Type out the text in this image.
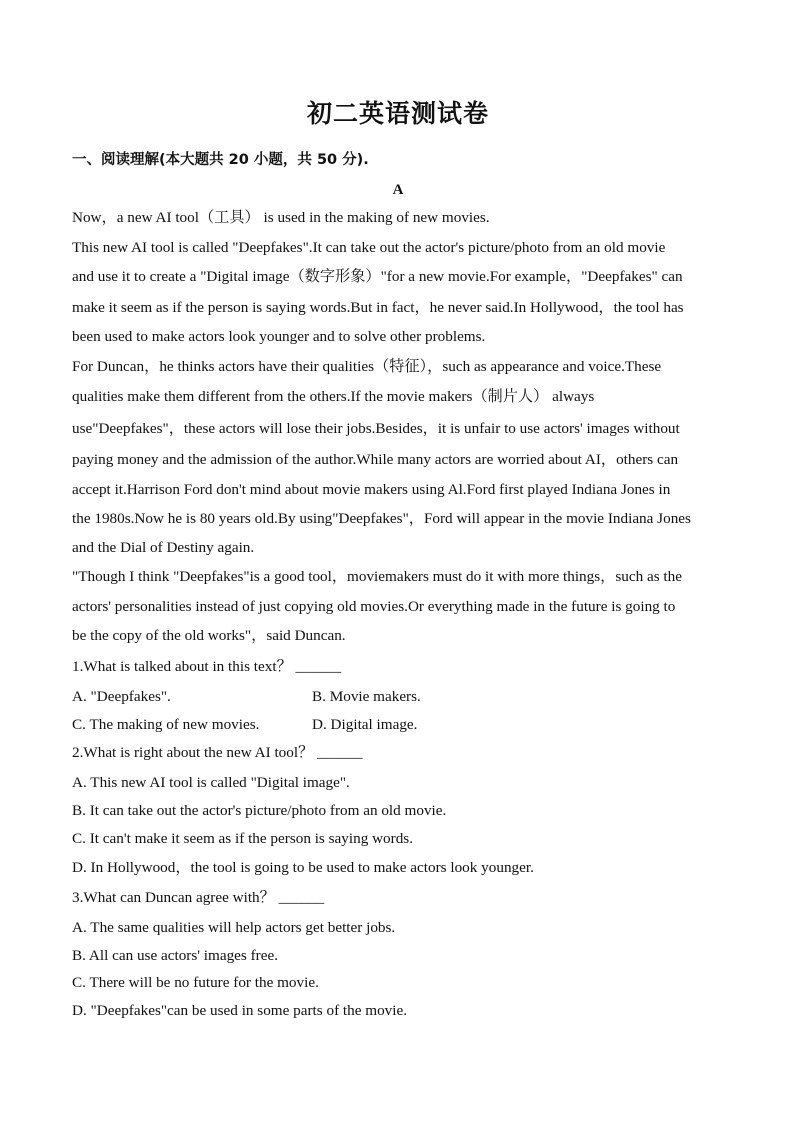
初二英语测试卷

一、阅读理解(本大题共 20 小题，共 50 分).

A

Now，a new AI tool（工具） is used in the making of new movies.

This new AI tool is called "Deepfakes".It can take out the actor's picture/photo from an old movie

and use it to create a "Digital image（数字形象）"for a new movie.For example，"Deepfakes" can

make it seem as if the person is saying words.But in fact，he never said.In Hollywood，the tool has

been used to make actors look younger and to solve other problems.

For Duncan，he thinks actors have their qualities（特征），such as appearance and voice.These

qualities make them different from the others.If the movie makers（制片人） always

use"Deepfakes"，these actors will lose their jobs.Besides，it is unfair to use actors' images without

paying money and the admission of the author.While many actors are worried about AI，others can

accept it.Harrison Ford don't mind about movie makers using Al.Ford first played Indiana Jones in

the 1980s.Now he is 80 years old.By using"Deepfakes"，Ford will appear in the movie Indiana Jones

and the Dial of Destiny again.

"Though I think "Deepfakes"is a good tool，moviemakers must do it with more things，such as the

actors' personalities instead of just copying old movies.Or everything made in the future is going to

be the copy of the old works"，said Duncan.

1.What is talked about in this text？ ______

A. "Deepfakes".	B. Movie makers.

C. The making of new movies.	D. Digital image.

2.What is right about the new AI tool？ ______

A. This new AI tool is called "Digital image".

B. It can take out the actor's picture/photo from an old movie.

C. It can't make it seem as if the person is saying words.

D. In Hollywood，the tool is going to be used to make actors look younger.

3.What can Duncan agree with？ ______

A. The same qualities will help actors get better jobs.

B. All can use actors' images free.

C. There will be no future for the movie.

D. "Deepfakes"can be used in some parts of the movie.
